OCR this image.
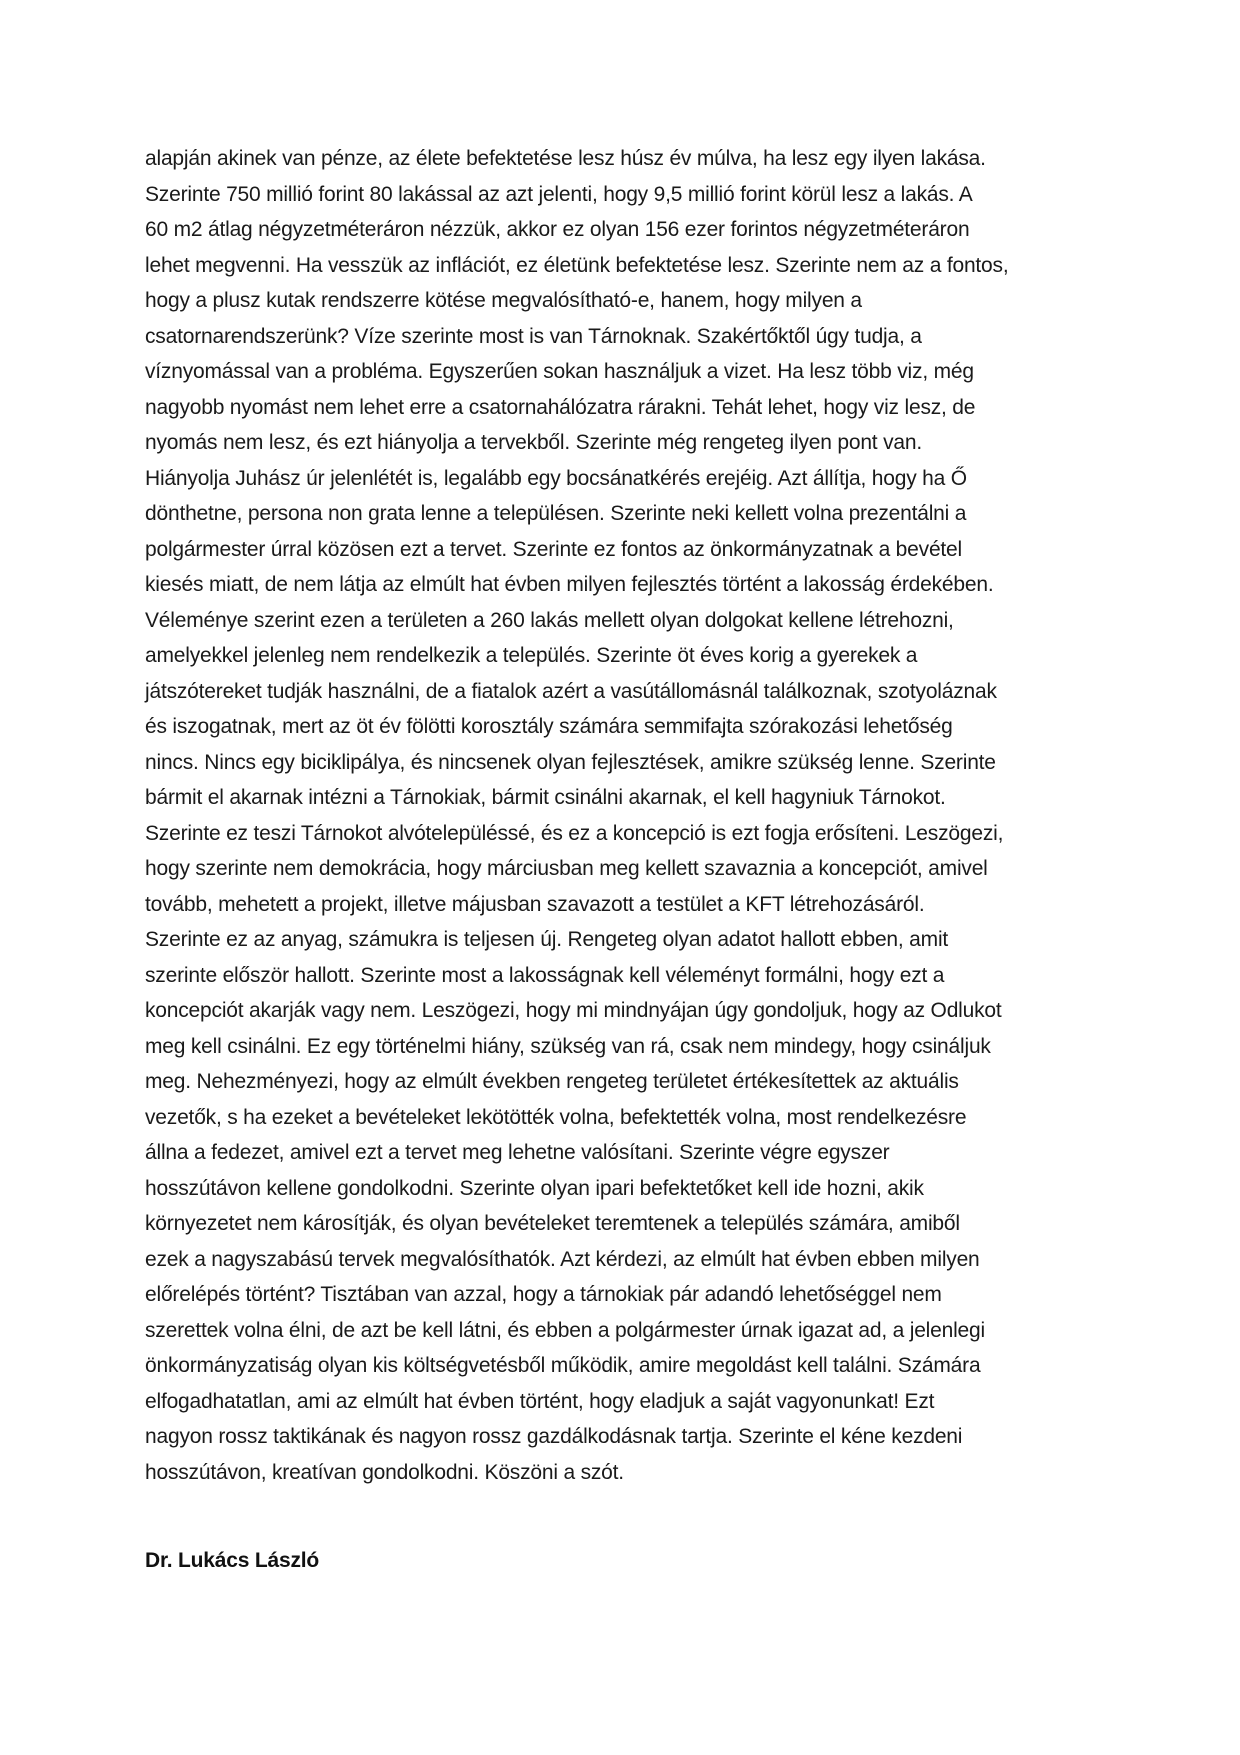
alapján akinek van pénze, az élete befektetése lesz húsz év múlva, ha lesz egy ilyen lakása.
Szerinte 750 millió forint 80 lakással az azt jelenti, hogy 9,5 millió forint körül lesz a lakás. A
60 m2 átlag négyzetméteráron nézzük, akkor ez olyan 156 ezer forintos négyzetméteráron
lehet megvenni. Ha vesszük az inflációt, ez életünk befektetése lesz. Szerinte nem az a fontos,
hogy a plusz kutak rendszerre kötése megvalósítható-e, hanem, hogy milyen a
csatornarendszerünk? Víze szerinte most is van Tárnoknak. Szakértőktől úgy tudja, a
víznyomással van a probléma. Egyszerűen sokan használjuk a vizet. Ha lesz több viz, még
nagyobb nyomást nem lehet erre a csatornahálózatra rárakni. Tehát lehet, hogy viz lesz, de
nyomás nem lesz, és ezt hiányolja a tervekből. Szerinte még rengeteg ilyen pont van.
Hiányolja Juhász úr jelenlétét is, legalább egy bocsánatkérés erejéig. Azt állítja, hogy ha Ő
dönthetne, persona non grata lenne a településen. Szerinte neki kellett volna prezentálni a
polgármester úrral közösen ezt a tervet. Szerinte ez fontos az önkormányzatnak a bevétel
kiesés miatt, de nem látja az elmúlt hat évben milyen fejlesztés történt a lakosság érdekében.
Véleménye szerint ezen a területen a 260 lakás mellett olyan dolgokat kellene létrehozni,
amelyekkel jelenleg nem rendelkezik a település. Szerinte öt éves korig a gyerekek a
játszótereket tudják használni, de a fiatalok azért a vasútállomásnál találkoznak, szotyoláznak
és iszogatnak, mert az öt év fölötti korosztály számára semmifajta szórakozási lehetőség
nincs. Nincs egy biciklipálya, és nincsenek olyan fejlesztések, amikre szükség lenne. Szerinte
bármit el akarnak intézni a Tárnokiak, bármit csinálni akarnak, el kell hagyniuk Tárnokot.
Szerinte ez teszi Tárnokot alvótelepüléssé, és ez a koncepció is ezt fogja erősíteni. Leszögezi,
hogy szerinte nem demokrácia, hogy márciusban meg kellett szavaznia a koncepciót, amivel
tovább, mehetett a projekt, illetve májusban szavazott a testület a KFT létrehozásáról.
Szerinte ez az anyag, számukra is teljesen új. Rengeteg olyan adatot hallott ebben, amit
szerinte először hallott. Szerinte most a lakosságnak kell véleményt formálni, hogy ezt a
koncepciót akarják vagy nem. Leszögezi, hogy mi mindnyájan úgy gondoljuk, hogy az Odlukot
meg kell csinálni. Ez egy történelmi hiány, szükség van rá, csak nem mindegy, hogy csináljuk
meg. Nehezményezi, hogy az elmúlt években rengeteg területet értékesítettek az aktuális
vezetők, s ha ezeket a bevételeket lekötötték volna, befektették volna, most rendelkezésre
állna a fedezet, amivel ezt a tervet meg lehetne valósítani. Szerinte végre egyszer
hosszútávon kellene gondolkodni. Szerinte olyan ipari befektetőket kell ide hozni, akik
környezetet nem károsítják, és olyan bevételeket teremtenek a település számára, amiből
ezek a nagyszabású tervek megvalósíthatók. Azt kérdezi, az elmúlt hat évben ebben milyen
előrelépés történt? Tisztában van azzal, hogy a tárnokiak pár adandó lehetőséggel nem
szerettek volna élni, de azt be kell látni, és ebben a polgármester úrnak igazat ad, a jelenlegi
önkormányzatiság olyan kis költségvetésből működik, amire megoldást kell találni. Számára
elfogadhatatlan, ami az elmúlt hat évben történt, hogy eladjuk a saját vagyonunkat! Ezt
nagyon rossz taktikának és nagyon rossz gazdálkodásnak tartja. Szerinte el kéne kezdeni
hosszútávon, kreatívan gondolkodni. Köszöni a szót.
Dr. Lukács László
